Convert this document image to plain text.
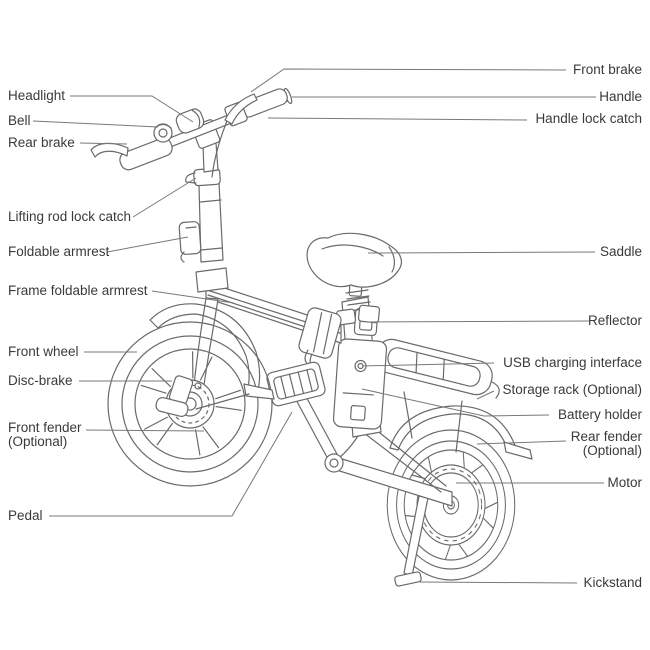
Headlight
Bell
Rear brake
Lifting rod lock catch
Foldable armrest
Frame foldable armrest
Front wheel
Disc-brake
Front fender
(Optional)
Pedal
Front brake
Handle
Handle lock catch
Saddle
Reflector
USB charging interface
Storage rack (Optional)
Battery holder
Rear fender
(Optional)
Motor
Kickstand
